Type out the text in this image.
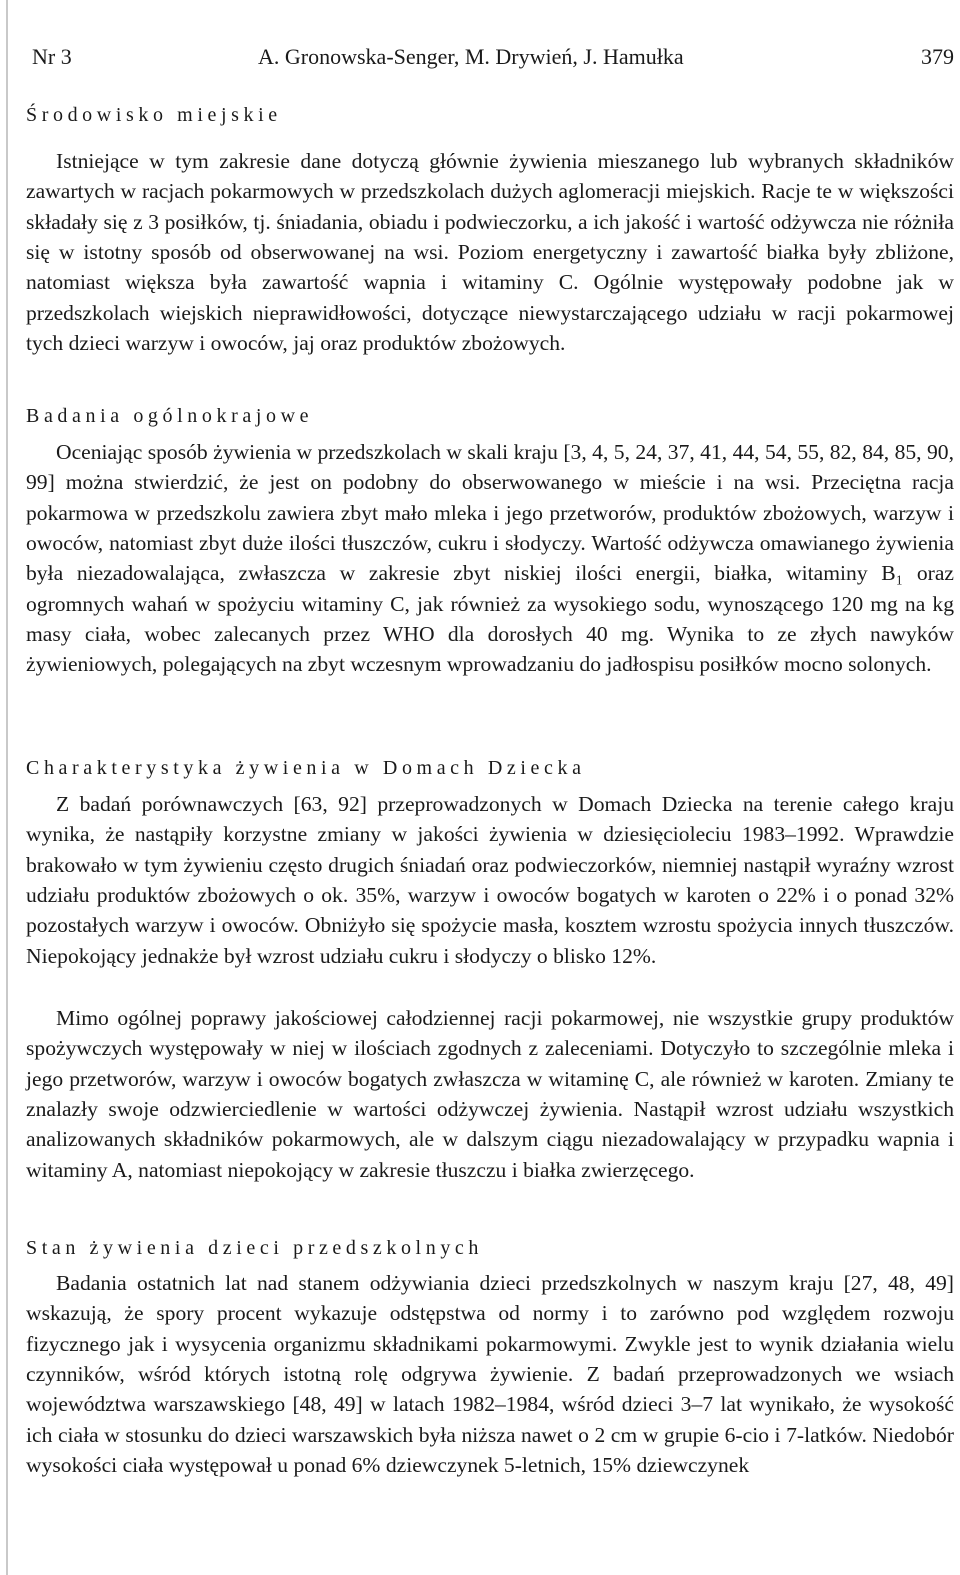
Nr 3	A. Gronowska-Senger, M. Drywień, J. Hamułka	379
Środowisko miejskie

Istniejące w tym zakresie dane dotyczą głównie żywienia mieszanego lub wybranych składników zawartych w racjach pokarmowych w przedszkolach dużych aglomeracji miejskich. Racje te w większości składały się z 3 posiłków, tj. śniadania, obiadu i podwieczorku, a ich jakość i wartość odżywcza nie różniła się w istotny sposób od obserwowanej na wsi. Poziom energetyczny i zawartość białka były zbliżone, natomiast większa była zawartość wapnia i witaminy C. Ogólnie występowały podobne jak w przedszkolach wiejskich nieprawidłowości, dotyczące niewystarczającego udziału w racji pokarmowej tych dzieci warzyw i owoców, jaj oraz produktów zbożowych.

Badania ogólnokrajowe

Oceniając sposób żywienia w przedszkolach w skali kraju [3, 4, 5, 24, 37, 41, 44, 54, 55, 82, 84, 85, 90, 99] można stwierdzić, że jest on podobny do obserwowanego w mieście i na wsi. Przeciętna racja pokarmowa w przedszkolu zawiera zbyt mało mleka i jego przetworów, produktów zbożowych, warzyw i owoców, natomiast zbyt duże ilości tłuszczów, cukru i słodyczy. Wartość odżywcza omawianego żywienia była niezadowalająca, zwłaszcza w zakresie zbyt niskiej ilości energii, białka, witaminy B₁ oraz ogromnych wahań w spożyciu witaminy C, jak również za wysokiego sodu, wynoszącego 120 mg na kg masy ciała, wobec zalecanych przez WHO dla dorosłych 40 mg. Wynika to ze złych nawyków żywieniowych, polegających na zbyt wczesnym wprowadzaniu do jadłospisu posiłków mocno solonych.

Charakterystyka żywienia w Domach Dziecka

Z badań porównawczych [63, 92] przeprowadzonych w Domach Dziecka na terenie całego kraju wynika, że nastąpiły korzystne zmiany w jakości żywienia w dziesięcioleciu 1983–1992. Wprawdzie brakowało w tym żywieniu często drugich śniadań oraz podwieczorków, niemniej nastąpił wyraźny wzrost udziału produktów zbożowych o ok. 35%, warzyw i owoców bogatych w karoten o 22% i o ponad 32% pozostałych warzyw i owoców. Obniżyło się spożycie masła, kosztem wzrostu spożycia innych tłuszczów. Niepokojący jednakże był wzrost udziału cukru i słodyczy o blisko 12%.

Mimo ogólnej poprawy jakościowej całodziennej racji pokarmowej, nie wszystkie grupy produktów spożywczych występowały w niej w ilościach zgodnych z zaleceniami. Dotyczyło to szczególnie mleka i jego przetworów, warzyw i owoców bogatych zwłaszcza w witaminę C, ale również w karoten. Zmiany te znalazły swoje odzwierciedlenie w wartości odżywczej żywienia. Nastąpił wzrost udziału wszystkich analizowanych składników pokarmowych, ale w dalszym ciągu niezadowalający w przypadku wapnia i witaminy A, natomiast niepokojący w zakresie tłuszczu i białka zwierzęcego.

Stan żywienia dzieci przedszkolnych

Badania ostatnich lat nad stanem odżywiania dzieci przedszkolnych w naszym kraju [27, 48, 49] wskazują, że spory procent wykazuje odstępstwa od normy i to zarówno pod względem rozwoju fizycznego jak i wysycenia organizmu składnikami pokarmowymi. Zwykle jest to wynik działania wielu czynników, wśród których istotną rolę odgrywa żywienie. Z badań przeprowadzonych we wsiach województwa warszawskiego [48, 49] w latach 1982–1984, wśród dzieci 3–7 lat wynikało, że wysokość ich ciała w stosunku do dzieci warszawskich była niższa nawet o 2 cm w grupie 6-cio i 7-latków. Niedobór wysokości ciała występował u ponad 6% dziewczynek 5-letnich, 15% dziewczynek
